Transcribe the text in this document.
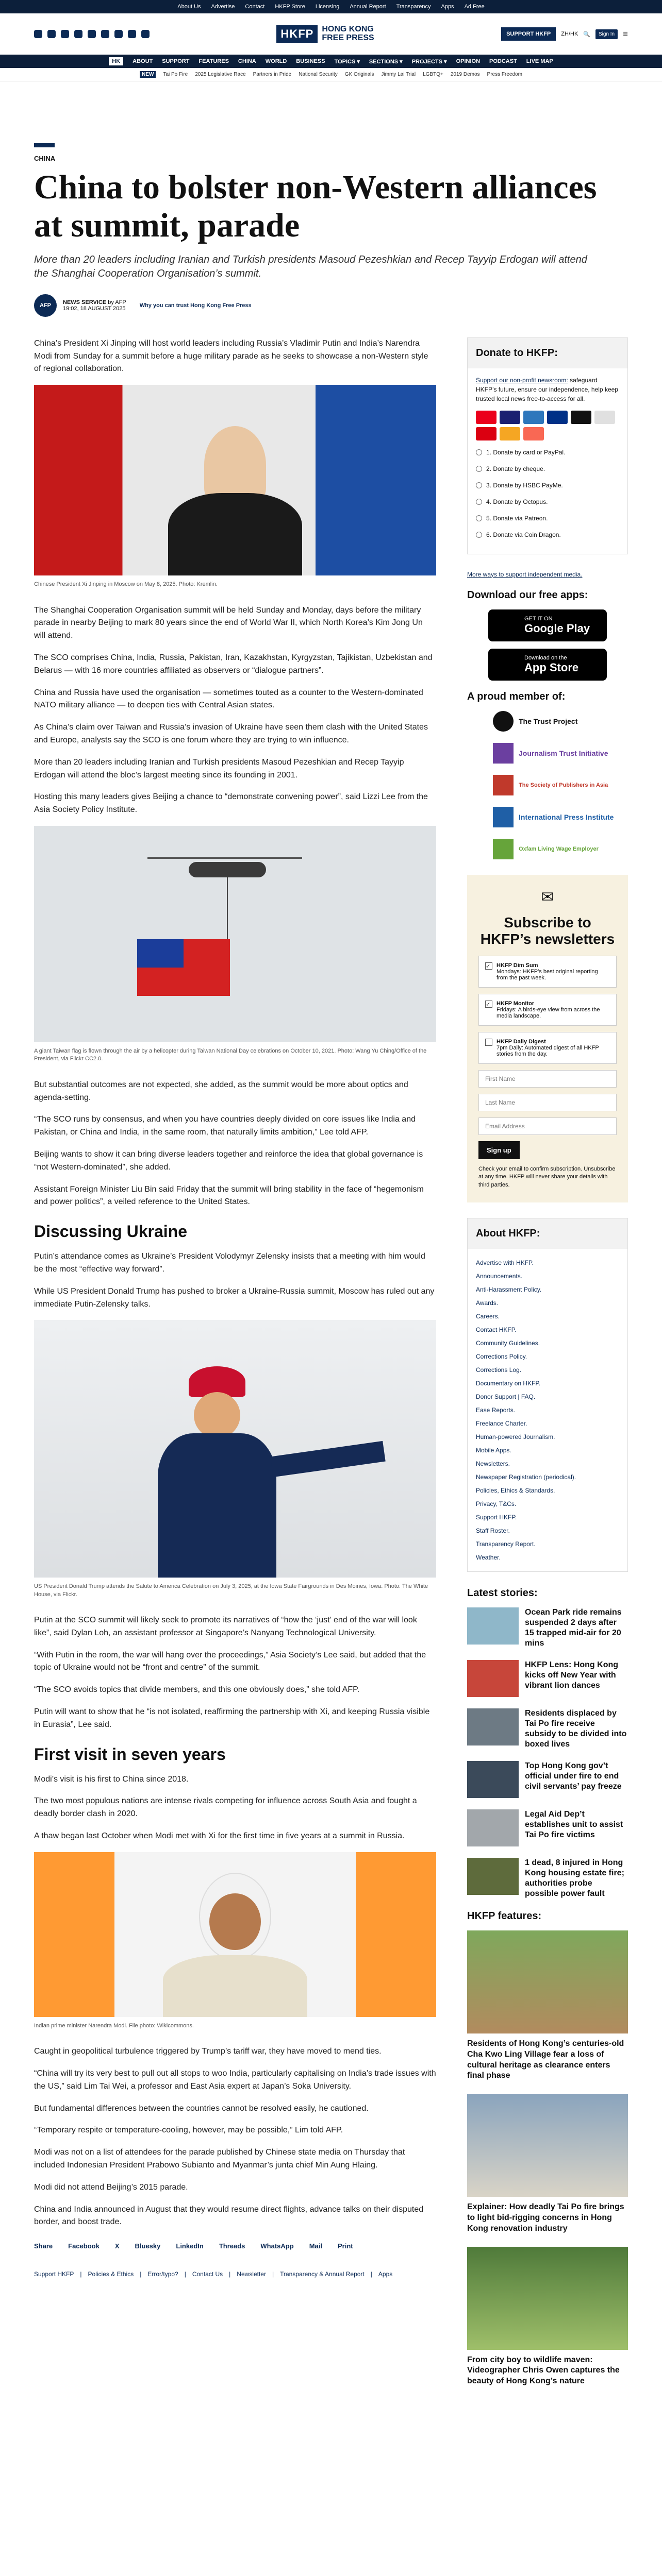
About Us Advertise Contact HKFP Store Licensing Annual Report Transparency Apps Ad Free
HKFP	HONG KONG
FREE PRESS	SUPPORT HKFP	ZH/HK 🔍	Sign In	☰
HK	ABOUT SUPPORT FEATURES CHINA WORLD BUSINESS TOPICS ▾ SECTIONS ▾ PROJECTS ▾ OPINION PODCAST LIVE MAP
NEW	Tai Po Fire 2025 Legislative Race Partners in Pride National Security GK Originals Jimmy Lai Trial LGBTQ+ 2019 Demos Press Freedom
CHINA
China to bolster non-Western alliances at summit, parade
More than 20 leaders including Iranian and Turkish presidents Masoud Pezeshkian and Recep Tayyip Erdogan will attend the Shanghai Cooperation Organisation’s summit.
AFP	NEWS SERVICE by AFP
19:02, 18 AUGUST 2025 Why you can trust Hong Kong Free Press

China’s President Xi Jinping will host world leaders including Russia’s Vladimir Putin and India’s Narendra Modi from Sunday for a summit before a huge military parade as he seeks to showcase a non-Western style of regional collaboration.

Chinese President Xi Jinping in Moscow on May 8, 2025. Photo: Kremlin.

The Shanghai Cooperation Organisation summit will be held Sunday and Monday, days before the military parade in nearby Beijing to mark 80 years since the end of World War II, which North Korea’s Kim Jong Un will attend.

The SCO comprises China, India, Russia, Pakistan, Iran, Kazakhstan, Kyrgyzstan, Tajikistan, Uzbekistan and Belarus — with 16 more countries affiliated as observers or “dialogue partners”.

China and Russia have used the organisation — sometimes touted as a counter to the Western-dominated NATO military alliance — to deepen ties with Central Asian states.

As China’s claim over Taiwan and Russia’s invasion of Ukraine have seen them clash with the United States and Europe, analysts say the SCO is one forum where they are trying to win influence.

More than 20 leaders including Iranian and Turkish presidents Masoud Pezeshkian and Recep Tayyip Erdogan will attend the bloc’s largest meeting since its founding in 2001.

Hosting this many leaders gives Beijing a chance to “demonstrate convening power”, said Lizzi Lee from the Asia Society Policy Institute.

A giant Taiwan flag is flown through the air by a helicopter during Taiwan National Day celebrations on October 10, 2021. Photo: Wang Yu Ching/Office of the President, via Flickr CC2.0.

But substantial outcomes are not expected, she added, as the summit would be more about optics and agenda-setting.

“The SCO runs by consensus, and when you have countries deeply divided on core issues like India and Pakistan, or China and India, in the same room, that naturally limits ambition,” Lee told AFP.

Beijing wants to show it can bring diverse leaders together and reinforce the idea that global governance is “not Western-dominated”, she added.

Assistant Foreign Minister Liu Bin said Friday that the summit will bring stability in the face of “hegemonism and power politics”, a veiled reference to the United States.

Discussing Ukraine

Putin’s attendance comes as Ukraine’s President Volodymyr Zelensky insists that a meeting with him would be the most “effective way forward”.

While US President Donald Trump has pushed to broker a Ukraine-Russia summit, Moscow has ruled out any immediate Putin-Zelensky talks.

US President Donald Trump attends the Salute to America Celebration on July 3, 2025, at the Iowa State Fairgrounds in Des Moines, Iowa. Photo: The White House, via Flickr.

Putin at the SCO summit will likely seek to promote its narratives of “how the ‘just’ end of the war will look like”, said Dylan Loh, an assistant professor at Singapore’s Nanyang Technological University.

“With Putin in the room, the war will hang over the proceedings,” Asia Society’s Lee said, but added that the topic of Ukraine would not be “front and centre” of the summit.

“The SCO avoids topics that divide members, and this one obviously does,” she told AFP.

Putin will want to show that he “is not isolated, reaffirming the partnership with Xi, and keeping Russia visible in Eurasia”, Lee said.

First visit in seven years

Modi’s visit is his first to China since 2018.

The two most populous nations are intense rivals competing for influence across South Asia and fought a deadly border clash in 2020.

A thaw began last October when Modi met with Xi for the first time in five years at a summit in Russia.

Indian prime minister Narendra Modi. File photo: Wikicommons.

Caught in geopolitical turbulence triggered by Trump’s tariff war, they have moved to mend ties.

“China will try its very best to pull out all stops to woo India, particularly capitalising on India’s trade issues with the US,” said Lim Tai Wei, a professor and East Asia expert at Japan’s Soka University.

But fundamental differences between the countries cannot be resolved easily, he cautioned.

“Temporary respite or temperature-cooling, however, may be possible,” Lim told AFP.

Modi was not on a list of attendees for the parade published by Chinese state media on Thursday that included Indonesian President Prabowo Subianto and Myanmar’s junta chief Min Aung Hlaing.

Modi did not attend Beijing’s 2015 parade.

China and India announced in August that they would resume direct flights, advance talks on their disputed border, and boost trade.

Share Facebook X Bluesky LinkedIn Threads WhatsApp Mail Print
Support HKFP | Policies & Ethics | Error/typo? | Contact Us | Newsletter | Transparency & Annual Report | Apps
Donate to HKFP:

Support our non-profit newsroom: safeguard HKFP’s future, ensure our independence, help keep trusted local news free-to-access for all.

1. Donate by card or PayPal.
2. Donate by cheque.
3. Donate by HSBC PayMe.
4. Donate by Octopus.
5. Donate via Patreon.
6. Donate via Coin Dragon.
More ways to support independent media.
Download our free apps:
GET IT ON
Google Play
Download on the
App Store
A proud member of:
The Trust Project
Journalism Trust Initiative
The Society of Publishers in Asia
International Press Institute
Oxfam Living Wage Employer
✉
Subscribe to HKFP’s newsletters
✓	HKFP Dim Sum
Mondays: HKFP’s best original reporting from the past week.
✓	HKFP Monitor
Fridays: A birds-eye view from across the media landscape.
HKFP Daily Digest
7pm Daily: Automated digest of all HKFP stories from the day.
First Name
Last Name
Email Address
Sign up

Check your email to confirm subscription. Unsubscribe at any time. HKFP will never share your details with third parties.

About HKFP:
Advertise with HKFP.
Announcements.
Anti-Harassment Policy.
Awards.
Careers.
Contact HKFP.
Community Guidelines.
Corrections Policy.
Corrections Log.
Documentary on HKFP.
Donor Support | FAQ.
Ease Reports.
Freelance Charter.
Human-powered Journalism.
Mobile Apps.
Newsletters.
Newspaper Registration (periodical).
Policies, Ethics & Standards.
Privacy, T&Cs.
Support HKFP.
Staff Roster.
Transparency Report.
Weather.
Latest stories:
Ocean Park ride remains suspended 2 days after 15 trapped mid-air for 20 mins
HKFP Lens: Hong Kong kicks off New Year with vibrant lion dances
Residents displaced by Tai Po fire receive subsidy to be divided into boxed lives
Top Hong Kong gov’t official under fire to end civil servants’ pay freeze
Legal Aid Dep’t establishes unit to assist Tai Po fire victims
1 dead, 8 injured in Hong Kong housing estate fire; authorities probe possible power fault
HKFP features:
Residents of Hong Kong’s centuries-old Cha Kwo Ling Village fear a loss of cultural heritage as clearance enters final phase
Explainer: How deadly Tai Po fire brings to light bid-rigging concerns in Hong Kong renovation industry
From city boy to wildlife maven: Videographer Chris Owen captures the beauty of Hong Kong’s nature
